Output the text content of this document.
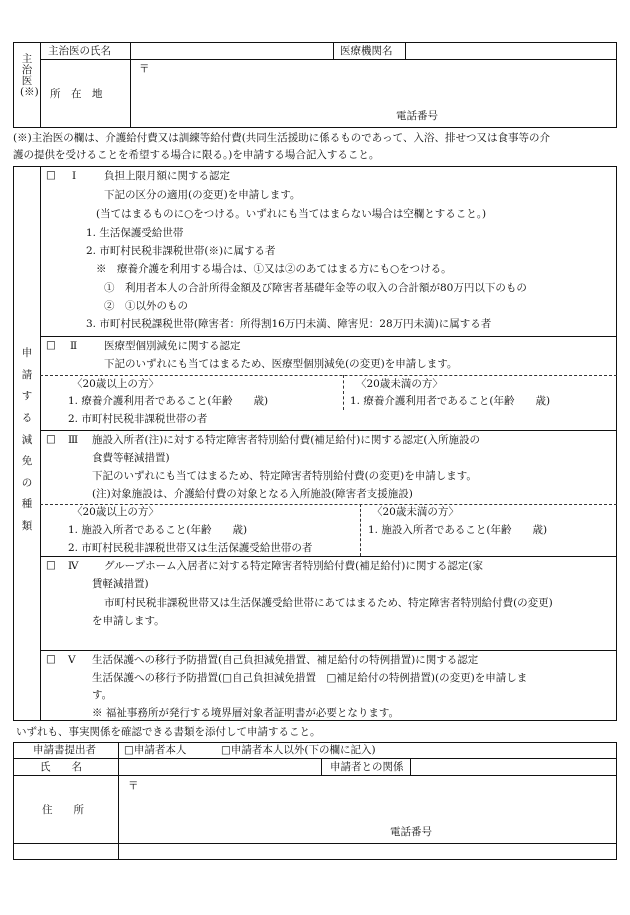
主治医(※)
主治医の氏名	医療機関名
所　在　地
〒
電話番号
(※)主治医の欄は、介護給付費又は訓練等給付費(共同生活援助に係るものであって、入浴、排せつ又は食事等の介
護の提供を受けることを希望する場合に限る。)を申請する場合記入すること。
申請する減免の種類
□ Ⅰ	負担上限月額に関する認定
下記の区分の適用(の変更)を申請します。
(当てはまるものに○をつける。いずれにも当てはまらない場合は空欄とすること。)
1. 生活保護受給世帯
2. 市町村民税非課税世帯(※)に属する者
※　療養介護を利用する場合は、①又は②のあてはまる方にも○をつける。
①　利用者本人の合計所得金額及び障害者基礎年金等の収入の合計額が80万円以下のもの
②　①以外のもの
3. 市町村民税課税世帯(障害者：所得割16万円未満、障害児：28万円未満)に属する者
□ Ⅱ	医療型個別減免に関する認定
下記のいずれにも当てはまるため、医療型個別減免(の変更)を申請します。
〈20歳以上の方〉
1. 療養介護利用者であること(年齢　　歳)
2. 市町村民税非課税世帯の者
〈20歳未満の方〉
1. 療養介護利用者であること(年齢　　歳)
□ Ⅲ 施設入所者(注)に対する特定障害者特別給付費(補足給付)に関する認定(入所施設の
食費等軽減措置)
下記のいずれにも当てはまるため、特定障害者特別給付費(の変更)を申請します。
(注)対象施設は、介護給付費の対象となる入所施設(障害者支援施設)
〈20歳以上の方〉
1. 施設入所者であること(年齢　　歳)
2. 市町村民税非課税世帯又は生活保護受給世帯の者
〈20歳未満の方〉
1. 施設入所者であること(年齢　　歳)
□ Ⅳ グループホーム入居者に対する特定障害者特別給付費(補足給付)に関する認定(家
賃軽減措置)
市町村民税非課税世帯又は生活保護受給世帯にあてはまるため、特定障害者特別給付費(の変更)
を申請します。
□ Ⅴ 生活保護への移行予防措置(自己負担減免措置、補足給付の特例措置)に関する認定
生活保護への移行予防措置(□自己負担減免措置　□補足給付の特例措置)(の変更)を申請しま
す。
※ 福祉事務所が発行する境界層対象者証明書が必要となります。
いずれも、事実関係を確認できる書類を添付して申請すること。
申請書提出者	□申請者本人	□申請者本人以外(下の欄に記入)
氏　　名	申請者との関係
住　　所
〒
電話番号
